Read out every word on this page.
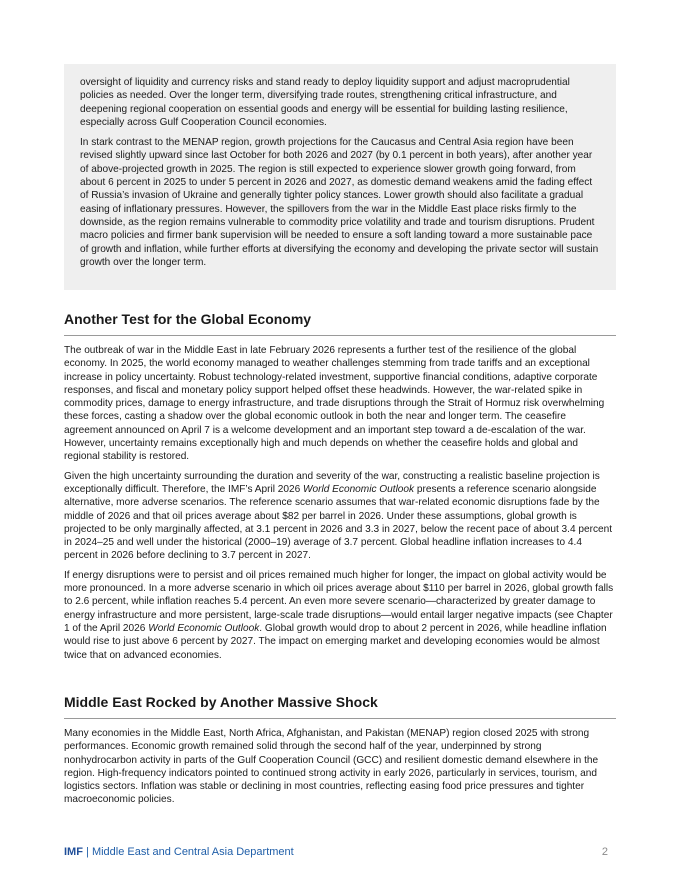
oversight of liquidity and currency risks and stand ready to deploy liquidity support and adjust macroprudential policies as needed. Over the longer term, diversifying trade routes, strengthening critical infrastructure, and deepening regional cooperation on essential goods and energy will be essential for building lasting resilience, especially across Gulf Cooperation Council economies.

In stark contrast to the MENAP region, growth projections for the Caucasus and Central Asia region have been revised slightly upward since last October for both 2026 and 2027 (by 0.1 percent in both years), after another year of above-projected growth in 2025. The region is still expected to experience slower growth going forward, from about 6 percent in 2025 to under 5 percent in 2026 and 2027, as domestic demand weakens amid the fading effect of Russia’s invasion of Ukraine and generally tighter policy stances. Lower growth should also facilitate a gradual easing of inflationary pressures. However, the spillovers from the war in the Middle East place risks firmly to the downside, as the region remains vulnerable to commodity price volatility and trade and tourism disruptions. Prudent macro policies and firmer bank supervision will be needed to ensure a soft landing toward a more sustainable pace of growth and inflation, while further efforts at diversifying the economy and developing the private sector will sustain growth over the longer term.

Another Test for the Global Economy

The outbreak of war in the Middle East in late February 2026 represents a further test of the resilience of the global economy. In 2025, the world economy managed to weather challenges stemming from trade tariffs and an exceptional increase in policy uncertainty. Robust technology-related investment, supportive financial conditions, adaptive corporate responses, and fiscal and monetary policy support helped offset these headwinds. However, the war-related spike in commodity prices, damage to energy infrastructure, and trade disruptions through the Strait of Hormuz risk overwhelming these forces, casting a shadow over the global economic outlook in both the near and longer term. The ceasefire agreement announced on April 7 is a welcome development and an important step toward a de-escalation of the war. However, uncertainty remains exceptionally high and much depends on whether the ceasefire holds and global and regional stability is restored.

Given the high uncertainty surrounding the duration and severity of the war, constructing a realistic baseline projection is exceptionally difficult. Therefore, the IMF’s April 2026 World Economic Outlook presents a reference scenario alongside alternative, more adverse scenarios. The reference scenario assumes that war-related economic disruptions fade by the middle of 2026 and that oil prices average about $82 per barrel in 2026. Under these assumptions, global growth is projected to be only marginally affected, at 3.1 percent in 2026 and 3.3 in 2027, below the recent pace of about 3.4 percent in 2024–25 and well under the historical (2000–19) average of 3.7 percent. Global headline inflation increases to 4.4 percent in 2026 before declining to 3.7 percent in 2027.

If energy disruptions were to persist and oil prices remained much higher for longer, the impact on global activity would be more pronounced. In a more adverse scenario in which oil prices average about $110 per barrel in 2026, global growth falls to 2.6 percent, while inflation reaches 5.4 percent. An even more severe scenario—characterized by greater damage to energy infrastructure and more persistent, large-scale trade disruptions—would entail larger negative impacts (see Chapter 1 of the April 2026 World Economic Outlook. Global growth would drop to about 2 percent in 2026, while headline inflation would rise to just above 6 percent by 2027. The impact on emerging market and developing economies would be almost twice that on advanced economies.

Middle East Rocked by Another Massive Shock

Many economies in the Middle East, North Africa, Afghanistan, and Pakistan (MENAP) region closed 2025 with strong performances. Economic growth remained solid through the second half of the year, underpinned by strong nonhydrocarbon activity in parts of the Gulf Cooperation Council (GCC) and resilient domestic demand elsewhere in the region. High-frequency indicators pointed to continued strong activity in early 2026, particularly in services, tourism, and logistics sectors. Inflation was stable or declining in most countries, reflecting easing food price pressures and tighter macroeconomic policies.

IMF | Middle East and Central Asia Department	2
